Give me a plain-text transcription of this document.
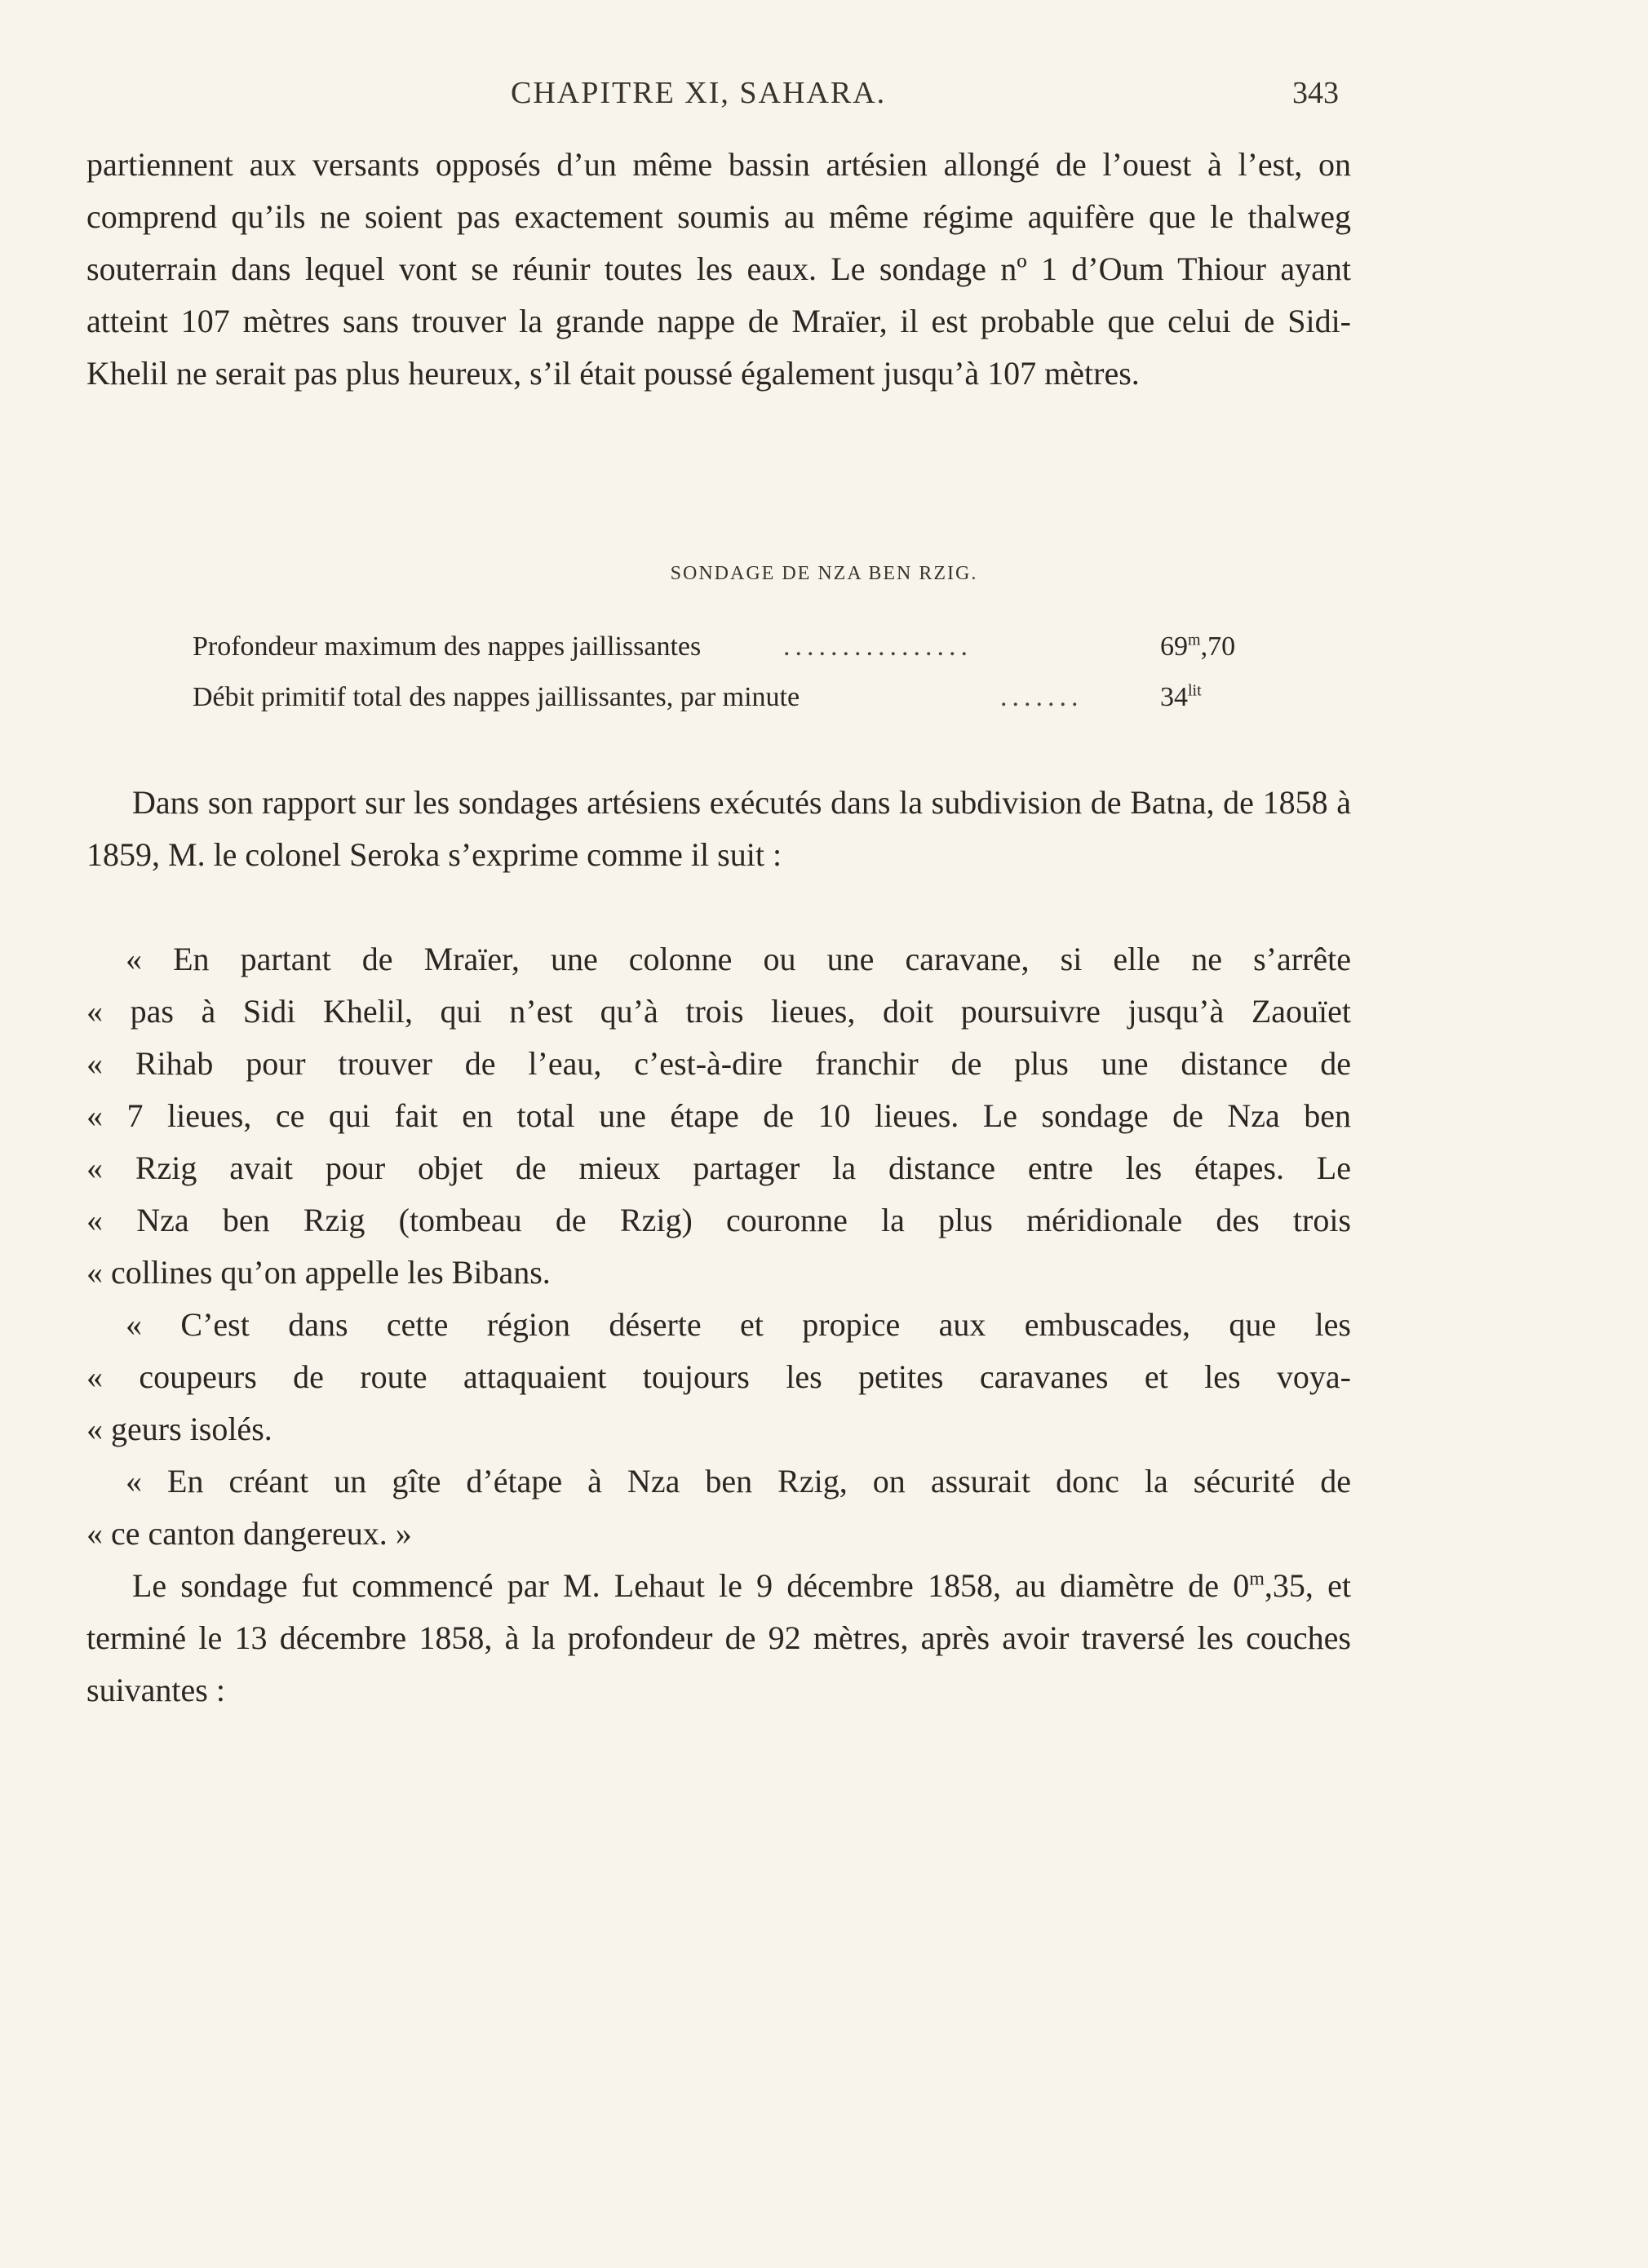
CHAPITRE XI, SAHARA.	343

partiennent aux versants opposés d’un même bassin artésien allongé de l’ouest à l’est, on comprend qu’ils ne soient pas exactement soumis au même régime aquifère que le thalweg souterrain dans lequel vont se réunir toutes les eaux. Le sondage nº 1 d’Oum Thiour ayant atteint 107 mètres sans trouver la grande nappe de Mraïer, il est probable que celui de Sidi-Khelil ne serait pas plus heureux, s’il était poussé également jusqu’à 107 mètres.

SONDAGE DE NZA BEN RZIG.
Profondeur maximum des nappes jaillissantes	................	69$^m$,70
Débit primitif total des nappes jaillissantes, par minute	.......	$34^{lit}$

Dans son rapport sur les sondages artésiens exécutés dans la subdivision de Batna, de 1858 à 1859, M. le colonel Seroka s’exprime comme il suit :

« En partant de Mraïer, une colonne ou une caravane, si elle ne s’arrête
« pas à Sidi Khelil, qui n’est qu’à trois lieues, doit poursuivre jusqu’à Zaouïet
« Rihab pour trouver de l’eau, c’est-à-dire franchir de plus une distance de
« 7 lieues, ce qui fait en total une étape de 10 lieues. Le sondage de Nza ben
« Rzig avait pour objet de mieux partager la distance entre les étapes. Le
« Nza ben Rzig (tombeau de Rzig) couronne la plus méridionale des trois
« collines qu’on appelle les Bibans.
« C’est dans cette région déserte et propice aux embuscades, que les
« coupeurs de route attaquaient toujours les petites caravanes et les voya-
« geurs isolés.
« En créant un gîte d’étape à Nza ben Rzig, on assurait donc la sécurité de
« ce canton dangereux. »

Le sondage fut commencé par M. Lehaut le 9 décembre 1858, au diamètre de 0$^m$,35, et terminé le 13 décembre 1858, à la profondeur de 92 mètres, après avoir traversé les couches suivantes :
